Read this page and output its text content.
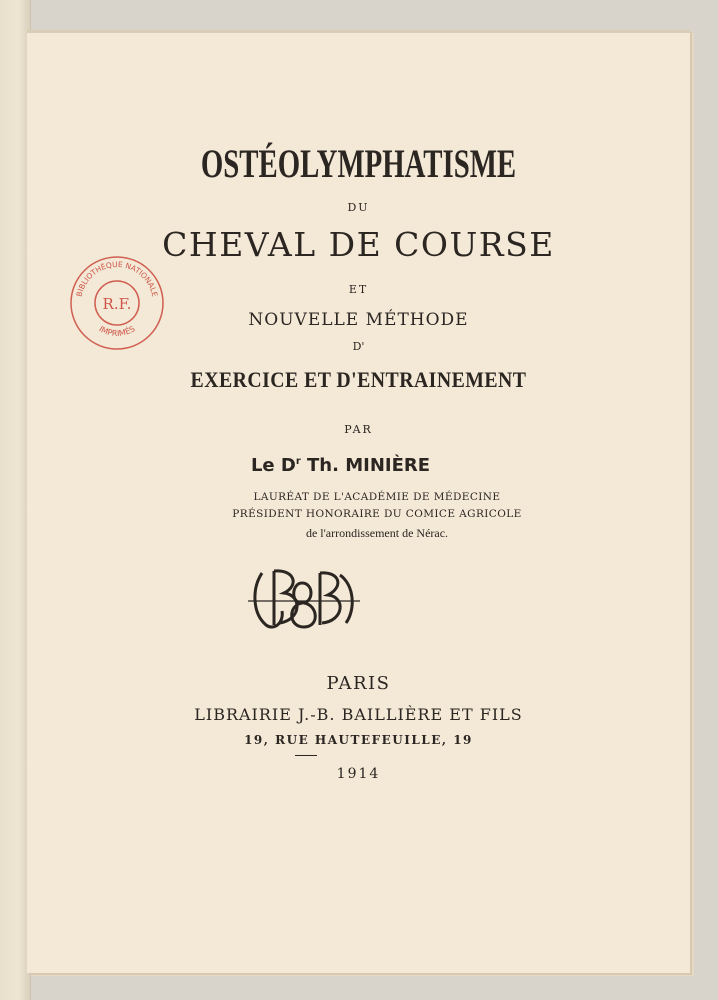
OSTÉOLYMPHATISME
DU
CHEVAL DE COURSE
ET
NOUVELLE MÉTHODE
D'
EXERCICE ET D'ENTRAINEMENT
PAR
Le $D^r$ Th. MINIÈRE
LAURÉAT DE L'ACADÉMIE DE MÉDECINE
PRÉSIDENT HONORAIRE DU COMICE AGRICOLE
de l'arrondissement de Nérac.
PARIS
LIBRAIRIE J.-B. BAILLIÈRE ET FILS
19, RUE HAUTEFEUILLE, 19
1914
BIBLIOTHÈQUE NATIONALE
IMPRIMÉS
R.F.
